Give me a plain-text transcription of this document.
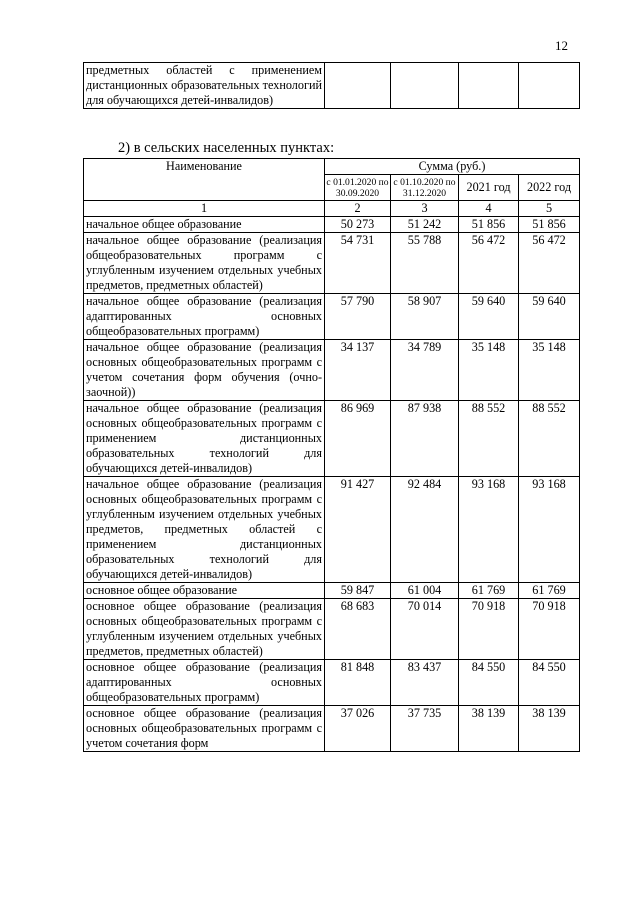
12
предметных областей с применением дистанционных образовательных технологий для обучающихся детей-инвалидов)				

2) в сельских населенных пунктах:

Наименование	Сумма (руб.)			
	с 01.01.2020 по 30.09.2020	с 01.10.2020 по 31.12.2020	2021 год	2022 год
1	2	3	4	5
начальное общее образование	50 273	51 242	51 856	51 856
начальное общее образование (реализация общеобразовательных программ с углубленным изучением отдельных учебных предметов, предметных областей)	54 731	55 788	56 472	56 472
начальное общее образование (реализация адаптированных основных общеобразовательных программ)	57 790	58 907	59 640	59 640
начальное общее образование (реализация основных общеобразовательных программ с учетом сочетания форм обучения (очно-заочной))	34 137	34 789	35 148	35 148
начальное общее образование (реализация основных общеобразовательных программ с применением дистанционных образовательных технологий для обучающихся детей-инвалидов)	86 969	87 938	88 552	88 552
начальное общее образование (реализация основных общеобразовательных программ с углубленным изучением отдельных учебных предметов, предметных областей с применением дистанционных образовательных технологий для обучающихся детей-инвалидов)	91 427	92 484	93 168	93 168
основное общее образование	59 847	61 004	61 769	61 769
основное общее образование (реализация основных общеобразовательных программ с углубленным изучением отдельных учебных предметов, предметных областей)	68 683	70 014	70 918	70 918
основное общее образование (реализация адаптированных основных общеобразовательных программ)	81 848	83 437	84 550	84 550
основное общее образование (реализация основных общеобразовательных программ с учетом сочетания форм	37 026	37 735	38 139	38 139
